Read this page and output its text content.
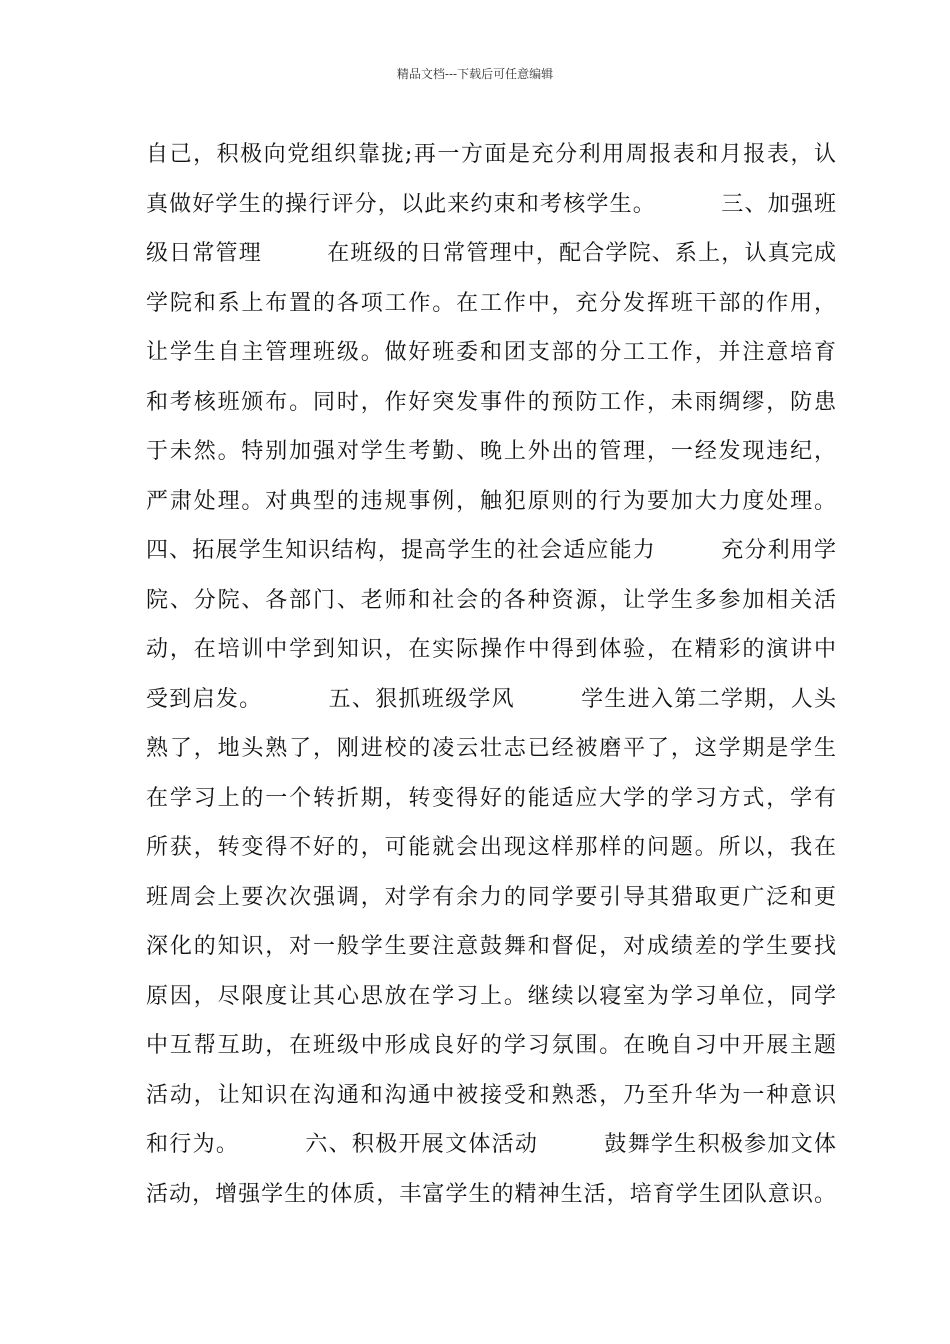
精品文档---下载后可任意编辑
自己，积极向党组织靠拢;再一方面是充分利用周报表和月报表，认
真做好学生的操行评分，以此来约束和考核学生。        三、加强班
级日常管理        在班级的日常管理中，配合学院、系上，认真完成
学院和系上布置的各项工作。在工作中，充分发挥班干部的作用，
让学生自主管理班级。做好班委和团支部的分工工作，并注意培育
和考核班颁布。同时，作好突发事件的预防工作，未雨绸缪，防患
于未然。特别加强对学生考勤、晚上外出的管理，一经发现违纪，
严肃处理。对典型的违规事例，触犯原则的行为要加大力度处理。
四、拓展学生知识结构，提高学生的社会适应能力        充分利用学
院、分院、各部门、老师和社会的各种资源，让学生多参加相关活
动，在培训中学到知识，在实际操作中得到体验，在精彩的演讲中
受到启发。        五、狠抓班级学风        学生进入第二学期，人头
熟了，地头熟了，刚进校的凌云壮志已经被磨平了，这学期是学生
在学习上的一个转折期，转变得好的能适应大学的学习方式，学有
所获，转变得不好的，可能就会出现这样那样的问题。所以，我在
班周会上要次次强调，对学有余力的同学要引导其猎取更广泛和更
深化的知识，对一般学生要注意鼓舞和督促，对成绩差的学生要找
原因，尽限度让其心思放在学习上。继续以寝室为学习单位，同学
中互帮互助，在班级中形成良好的学习氛围。在晚自习中开展主题
活动，让知识在沟通和沟通中被接受和熟悉，乃至升华为一种意识
和行为。        六、积极开展文体活动        鼓舞学生积极参加文体
活动，增强学生的体质，丰富学生的精神生活，培育学生团队意识。
